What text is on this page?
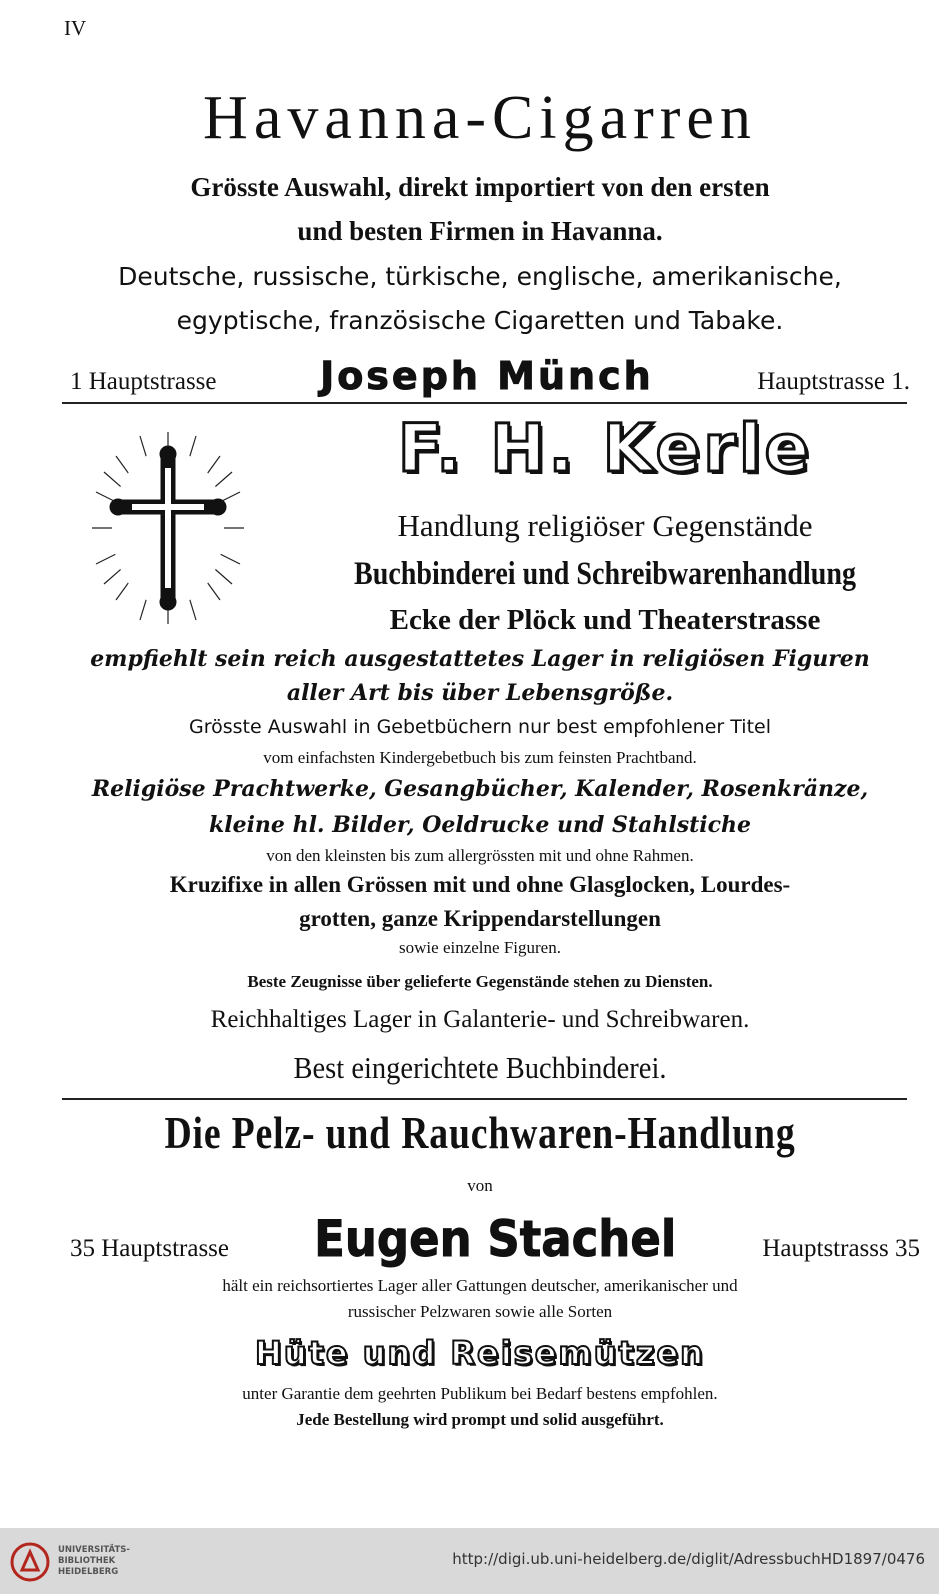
IV
Havanna-Cigarren
Grösste Auswahl, direkt importiert von den ersten
und besten Firmen in Havanna.
Deutsche, russische, türkische, englische, amerikanische,
egyptische, französische Cigaretten und Tabake.
1 Hauptstrasse	Joseph Münch	Hauptstrasse 1.
F. H. Kerle
Handlung religiöser Gegenstände
Buchbinderei und Schreibwarenhandlung
Ecke der Plöck und Theaterstrasse
empfiehlt sein reich ausgestattetes Lager in religiösen Figuren
aller Art bis über Lebensgröße.
Grösste Auswahl in Gebetbüchern nur best empfohlener Titel
vom einfachsten Kindergebetbuch bis zum feinsten Prachtband.
Religiöse Prachtwerke, Gesangbücher, Kalender, Rosenkränze,
kleine hl. Bilder, Oeldrucke und Stahlstiche
von den kleinsten bis zum allergrössten mit und ohne Rahmen.
Kruzifixe in allen Grössen mit und ohne Glasglocken, Lourdes-
grotten, ganze Krippendarstellungen
sowie einzelne Figuren.
Beste Zeugnisse über gelieferte Gegenstände stehen zu Diensten.
Reichhaltiges Lager in Galanterie- und Schreibwaren.
Best eingerichtete Buchbinderei.
Die Pelz- und Rauchwaren-Handlung
von
35 Hauptstrasse Eugen Stachel	Hauptstrasss 35
hält ein reichsortiertes Lager aller Gattungen deutscher, amerikanischer und
russischer Pelzwaren sowie alle Sorten
Hüte und Reisemützen
unter Garantie dem geehrten Publikum bei Bedarf bestens empfohlen.
Jede Bestellung wird prompt und solid ausgeführt.
UNIVERSITÄTS-
BIBLIOTHEK
HEIDELBERG
http://digi.ub.uni-heidelberg.de/diglit/AdressbuchHD1897/0476
